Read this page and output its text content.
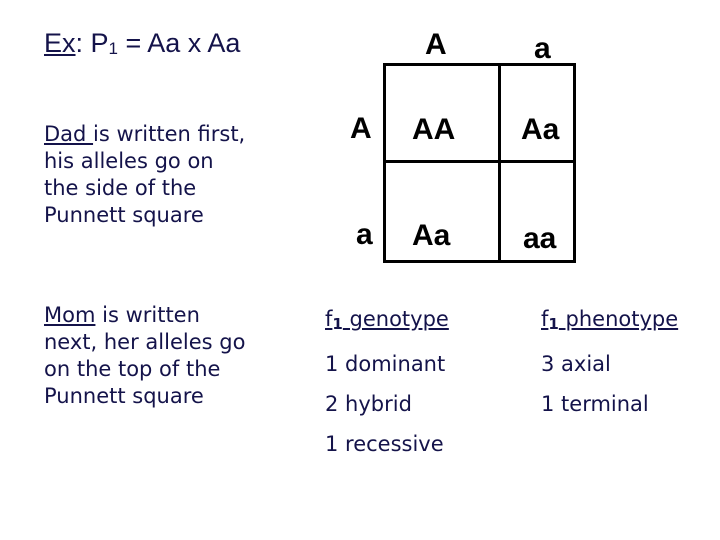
Ex: $P_1 = Aa$ x Aa
Dad is written first,
his alleles go on
the side of the
Punnett square
Mom is written
next, her alleles go
on the top of the
Punnett square
A	a
A
a
AA Aa
Aa aa
$f_1$ genotype
1 dominant
2 hybrid
1 recessive
$f_1$ phenotype
3 axial
1 terminal
